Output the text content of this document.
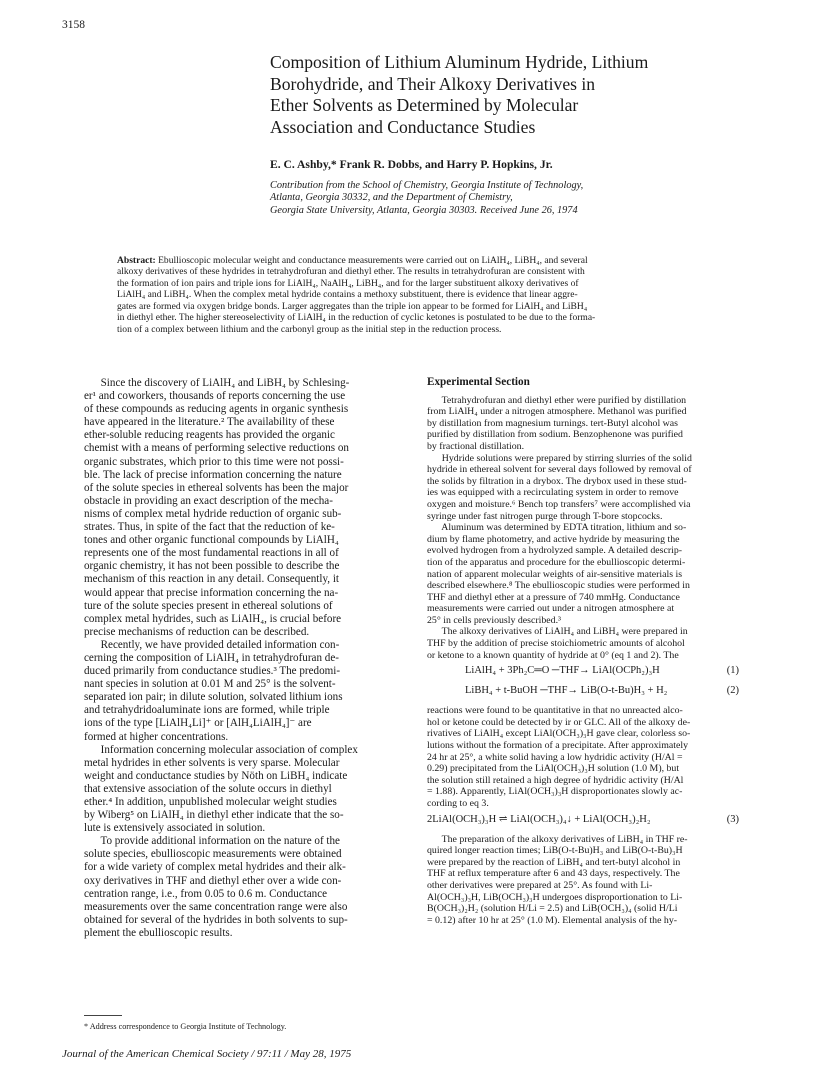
3158
Composition of Lithium Aluminum Hydride, Lithium
Borohydride, and Their Alkoxy Derivatives in
Ether Solvents as Determined by Molecular
Association and Conductance Studies
E. C. Ashby,* Frank R. Dobbs, and Harry P. Hopkins, Jr.
Contribution from the School of Chemistry, Georgia Institute of Technology,
Atlanta, Georgia 30332, and the Department of Chemistry,
Georgia State University, Atlanta, Georgia 30303. Received June 26, 1974
Abstract: Ebullioscopic molecular weight and conductance measurements were carried out on LiAlH₄, LiBH₄, and several
alkoxy derivatives of these hydrides in tetrahydrofuran and diethyl ether. The results in tetrahydrofuran are consistent with
the formation of ion pairs and triple ions for LiAlH₄, NaAlH₄, LiBH₄, and for the larger substituent alkoxy derivatives of
LiAlH₄ and LiBH₄. When the complex metal hydride contains a methoxy substituent, there is evidence that linear aggre-
gates are formed via oxygen bridge bonds. Larger aggregates than the triple ion appear to be formed for LiAlH₄ and LiBH₄
in diethyl ether. The higher stereoselectivity of LiAlH₄ in the reduction of cyclic ketones is postulated to be due to the forma-
tion of a complex between lithium and the carbonyl group as the initial step in the reduction process.
Since the discovery of LiAlH₄ and LiBH₄ by Schlesing-
er¹ and coworkers, thousands of reports concerning the use
of these compounds as reducing agents in organic synthesis
have appeared in the literature.² The availability of these
ether-soluble reducing reagents has provided the organic
chemist with a means of performing selective reductions on
organic substrates, which prior to this time were not possi-
ble. The lack of precise information concerning the nature
of the solute species in ethereal solvents has been the major
obstacle in providing an exact description of the mecha-
nisms of complex metal hydride reduction of organic sub-
strates. Thus, in spite of the fact that the reduction of ke-
tones and other organic functional compounds by LiAlH₄
represents one of the most fundamental reactions in all of
organic chemistry, it has not been possible to describe the
mechanism of this reaction in any detail. Consequently, it
would appear that precise information concerning the na-
ture of the solute species present in ethereal solutions of
complex metal hydrides, such as LiAlH₄, is crucial before
precise mechanisms of reduction can be described.
Recently, we have provided detailed information con-
cerning the composition of LiAlH₄ in tetrahydrofuran de-
duced primarily from conductance studies.³ The predomi-
nant species in solution at 0.01 M and 25° is the solvent-
separated ion pair; in dilute solution, solvated lithium ions
and tetrahydridoaluminate ions are formed, while triple
ions of the type [LiAlH₄Li]⁺ or [AlH₄LiAlH₄]⁻ are
formed at higher concentrations.
Information concerning molecular association of complex
metal hydrides in ether solvents is very sparse. Molecular
weight and conductance studies by Nöth on LiBH₄ indicate
that extensive association of the solute occurs in diethyl
ether.⁴ In addition, unpublished molecular weight studies
by Wiberg⁵ on LiAlH₄ in diethyl ether indicate that the so-
lute is extensively associated in solution.
To provide additional information on the nature of the
solute species, ebullioscopic measurements were obtained
for a wide variety of complex metal hydrides and their alk-
oxy derivatives in THF and diethyl ether over a wide con-
centration range, i.e., from 0.05 to 0.6 m. Conductance
measurements over the same concentration range were also
obtained for several of the hydrides in both solvents to sup-
plement the ebullioscopic results.
Experimental Section
Tetrahydrofuran and diethyl ether were purified by distillation
from LiAlH₄ under a nitrogen atmosphere. Methanol was purified
by distillation from magnesium turnings. tert-Butyl alcohol was
purified by distillation from sodium. Benzophenone was purified
by fractional distillation.
Hydride solutions were prepared by stirring slurries of the solid
hydride in ethereal solvent for several days followed by removal of
the solids by filtration in a drybox. The drybox used in these stud-
ies was equipped with a recirculating system in order to remove
oxygen and moisture.⁶ Bench top transfers⁷ were accomplished via
syringe under fast nitrogen purge through T-bore stopcocks.
Aluminum was determined by EDTA titration, lithium and so-
dium by flame photometry, and active hydride by measuring the
evolved hydrogen from a hydrolyzed sample. A detailed descrip-
tion of the apparatus and procedure for the ebullioscopic determi-
nation of apparent molecular weights of air-sensitive materials is
described elsewhere.⁸ The ebullioscopic studies were performed in
THF and diethyl ether at a pressure of 740 mmHg. Conductance
measurements were carried out under a nitrogen atmosphere at
25° in cells previously described.³
The alkoxy derivatives of LiAlH₄ and LiBH₄ were prepared in
THF by the addition of precise stoichiometric amounts of alcohol
or ketone to a known quantity of hydride at 0° (eq 1 and 2). The
LiAlH₄ + 3Ph₂C═O ─THF→ LiAl(OCPh₂)₃H	(1)
LiBH₄ + t-BuOH ─THF→ LiB(O-t-Bu)H₃ + H₂	(2)
reactions were found to be quantitative in that no unreacted alco-
hol or ketone could be detected by ir or GLC. All of the alkoxy de-
rivatives of LiAlH₄ except LiAl(OCH₃)₃H gave clear, colorless so-
lutions without the formation of a precipitate. After approximately
24 hr at 25°, a white solid having a low hydridic activity (H/Al =
0.29) precipitated from the LiAl(OCH₃)₃H solution (1.0 M), but
the solution still retained a high degree of hydridic activity (H/Al
= 1.88). Apparently, LiAl(OCH₃)₃H disproportionates slowly ac-
cording to eq 3.
2LiAl(OCH₃)₃H ⇌ LiAl(OCH₃)₄↓ + LiAl(OCH₃)₂H₂	(3)
The preparation of the alkoxy derivatives of LiBH₄ in THF re-
quired longer reaction times; LiB(O-t-Bu)H₃ and LiB(O-t-Bu)₃H
were prepared by the reaction of LiBH₄ and tert-butyl alcohol in
THF at reflux temperature after 6 and 43 days, respectively. The
other derivatives were prepared at 25°. As found with Li-
Al(OCH₃)₃H, LiB(OCH₃)₃H undergoes disproportionation to Li-
B(OCH₃)₂H₂ (solution H/Li = 2.5) and LiB(OCH₃)₄ (solid H/Li
= 0.12) after 10 hr at 25° (1.0 M). Elemental analysis of the hy-
* Address correspondence to Georgia Institute of Technology.
Journal of the American Chemical Society / 97:11 / May 28, 1975
